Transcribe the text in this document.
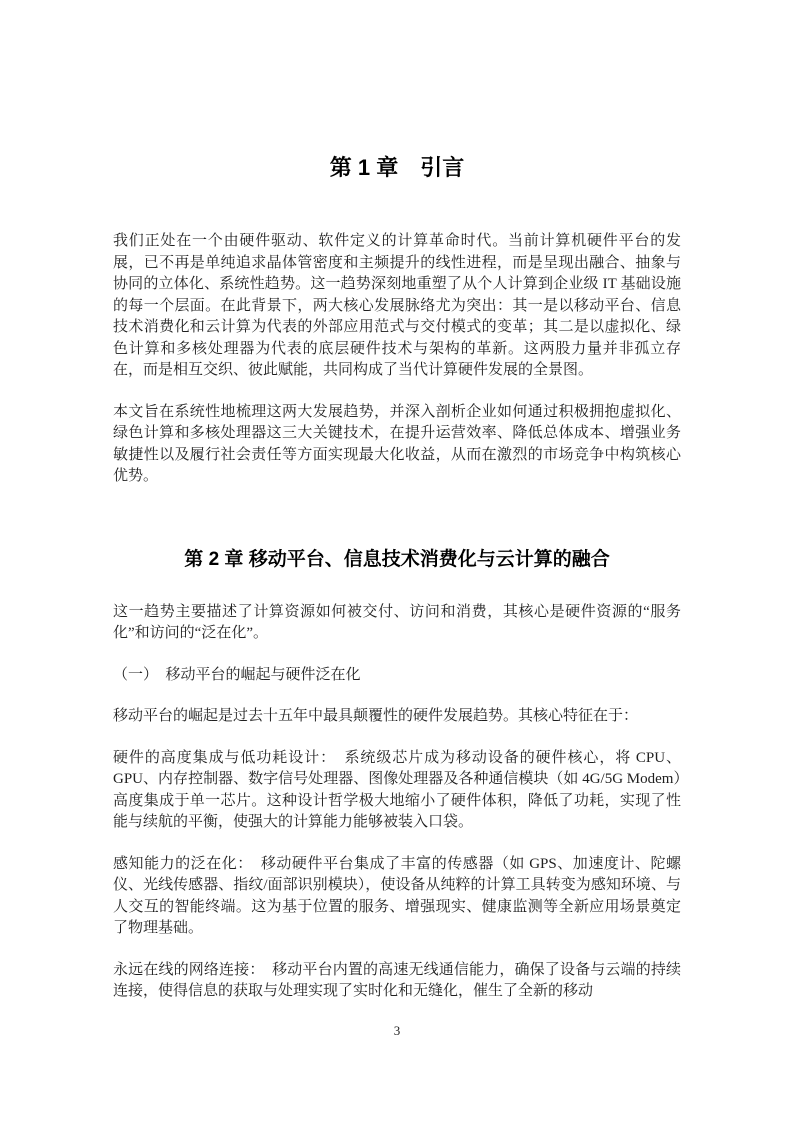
第 1 章　引言

我们正处在一个由硬件驱动、软件定义的计算革命时代。当前计算机硬件平台的发展，已不再是单纯追求晶体管密度和主频提升的线性进程，而是呈现出融合、抽象与协同的立体化、系统性趋势。这一趋势深刻地重塑了从个人计算到企业级 IT 基础设施的每一个层面。在此背景下，两大核心发展脉络尤为突出：其一是以移动平台、信息技术消费化和云计算为代表的外部应用范式与交付模式的变革；其二是以虚拟化、绿色计算和多核处理器为代表的底层硬件技术与架构的革新。这两股力量并非孤立存在，而是相互交织、彼此赋能，共同构成了当代计算硬件发展的全景图。

本文旨在系统性地梳理这两大发展趋势，并深入剖析企业如何通过积极拥抱虚拟化、绿色计算和多核处理器这三大关键技术，在提升运营效率、降低总体成本、增强业务敏捷性以及履行社会责任等方面实现最大化收益，从而在激烈的市场竞争中构筑核心优势。

第 2 章 移动平台、信息技术消费化与云计算的融合

这一趋势主要描述了计算资源如何被交付、访问和消费，其核心是硬件资源的“服务化”和访问的“泛在化”。

（一）　移动平台的崛起与硬件泛在化

移动平台的崛起是过去十五年中最具颠覆性的硬件发展趋势。其核心特征在于：

硬件的高度集成与低功耗设计：　系统级芯片成为移动设备的硬件核心，将 CPU、GPU、内存控制器、数字信号处理器、图像处理器及各种通信模块（如 4G/5G Modem）高度集成于单一芯片。这种设计哲学极大地缩小了硬件体积，降低了功耗，实现了性能与续航的平衡，使强大的计算能力能够被装入口袋。

感知能力的泛在化：　移动硬件平台集成了丰富的传感器（如 GPS、加速度计、陀螺仪、光线传感器、指纹/面部识别模块），使设备从纯粹的计算工具转变为感知环境、与人交互的智能终端。这为基于位置的服务、增强现实、健康监测等全新应用场景奠定了物理基础。

永远在线的网络连接：　移动平台内置的高速无线通信能力，确保了设备与云端的持续连接，使得信息的获取与处理实现了实时化和无缝化，催生了全新的移动

3
